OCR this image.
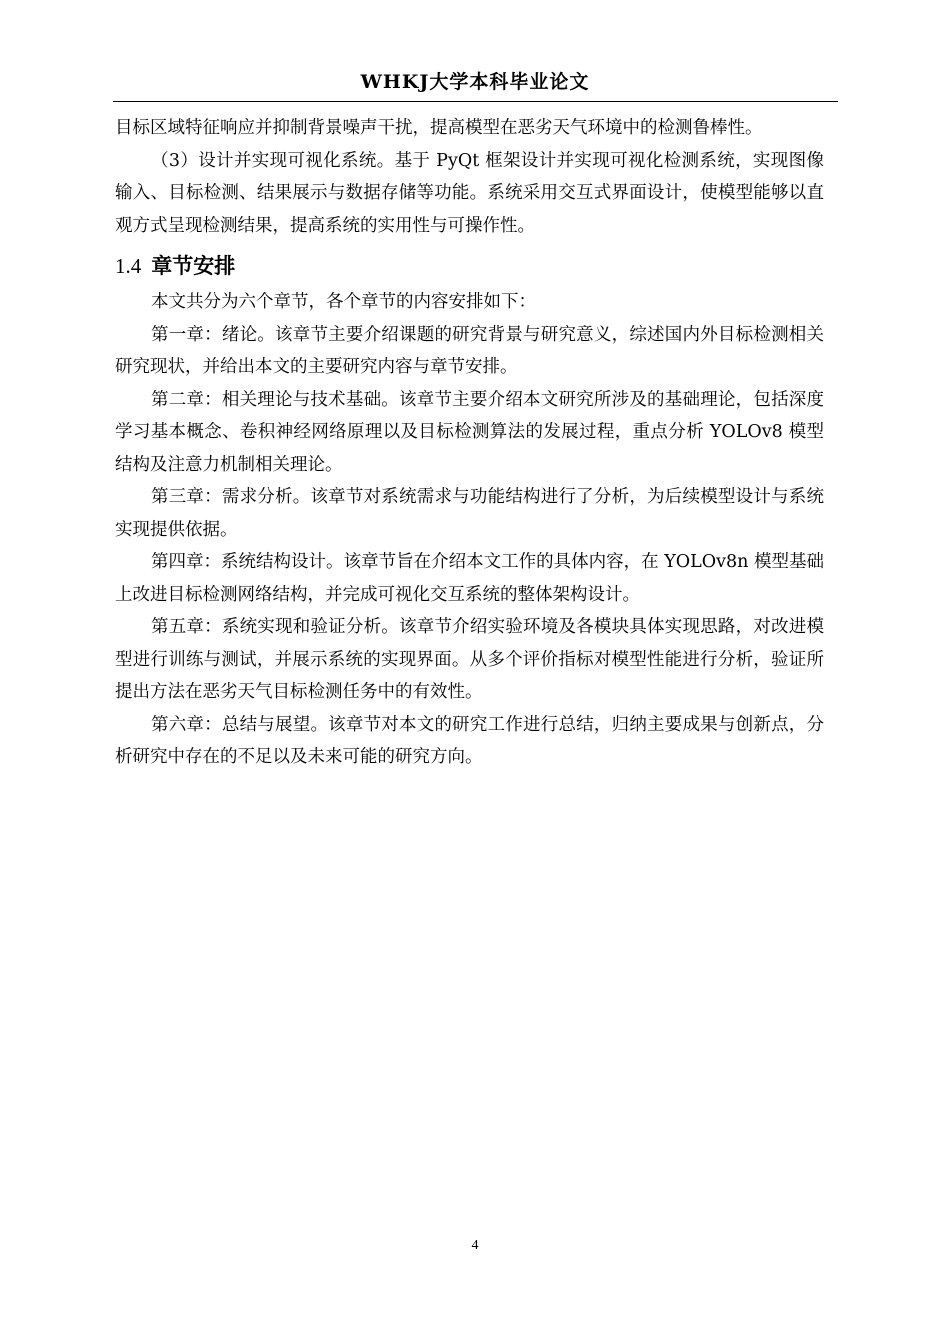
WHKJ大学本科毕业论文

目标区域特征响应并抑制背景噪声干扰，提高模型在恶劣天气环境中的检测鲁棒性。

（3）设计并实现可视化系统。基于 PyQt 框架设计并实现可视化检测系统，实现图像输入、目标检测、结果展示与数据存储等功能。系统采用交互式界面设计，使模型能够以直观方式呈现检测结果，提高系统的实用性与可操作性。

1.4 章节安排

本文共分为六个章节，各个章节的内容安排如下：

第一章：绪论。该章节主要介绍课题的研究背景与研究意义，综述国内外目标检测相关研究现状，并给出本文的主要研究内容与章节安排。

第二章：相关理论与技术基础。该章节主要介绍本文研究所涉及的基础理论，包括深度学习基本概念、卷积神经网络原理以及目标检测算法的发展过程，重点分析 YOLOv8 模型结构及注意力机制相关理论。

第三章：需求分析。该章节对系统需求与功能结构进行了分析，为后续模型设计与系统实现提供依据。

第四章：系统结构设计。该章节旨在介绍本文工作的具体内容，在 YOLOv8n 模型基础上改进目标检测网络结构，并完成可视化交互系统的整体架构设计。

第五章：系统实现和验证分析。该章节介绍实验环境及各模块具体实现思路，对改进模型进行训练与测试，并展示系统的实现界面。从多个评价指标对模型性能进行分析，验证所提出方法在恶劣天气目标检测任务中的有效性。

第六章：总结与展望。该章节对本文的研究工作进行总结，归纳主要成果与创新点，分析研究中存在的不足以及未来可能的研究方向。

4
